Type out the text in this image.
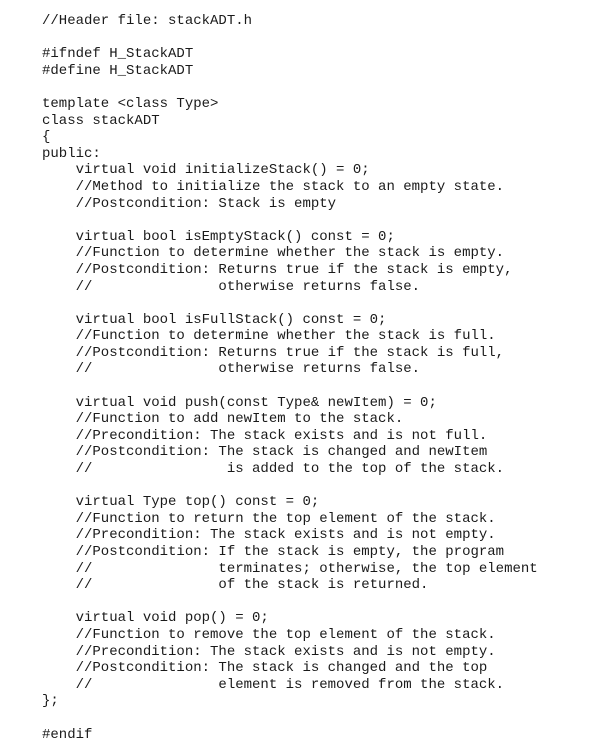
//Header file: stackADT.h
#ifndef H_StackADT
#define H_StackADT
template <class Type>
class stackADT
{
public:
virtual void initializeStack() = 0;
//Method to initialize the stack to an empty state.
//Postcondition: Stack is empty
virtual bool isEmptyStack() const = 0;
//Function to determine whether the stack is empty.
//Postcondition: Returns true if the stack is empty,
//               otherwise returns false.
virtual bool isFullStack() const = 0;
//Function to determine whether the stack is full.
//Postcondition: Returns true if the stack is full,
//               otherwise returns false.
virtual void push(const Type& newItem) = 0;
//Function to add newItem to the stack.
//Precondition: The stack exists and is not full.
//Postcondition: The stack is changed and newItem
//                is added to the top of the stack.
virtual Type top() const = 0;
//Function to return the top element of the stack.
//Precondition: The stack exists and is not empty.
//Postcondition: If the stack is empty, the program
//               terminates; otherwise, the top element
//               of the stack is returned.
virtual void pop() = 0;
//Function to remove the top element of the stack.
//Precondition: The stack exists and is not empty.
//Postcondition: The stack is changed and the top
//               element is removed from the stack.
};
#endif
